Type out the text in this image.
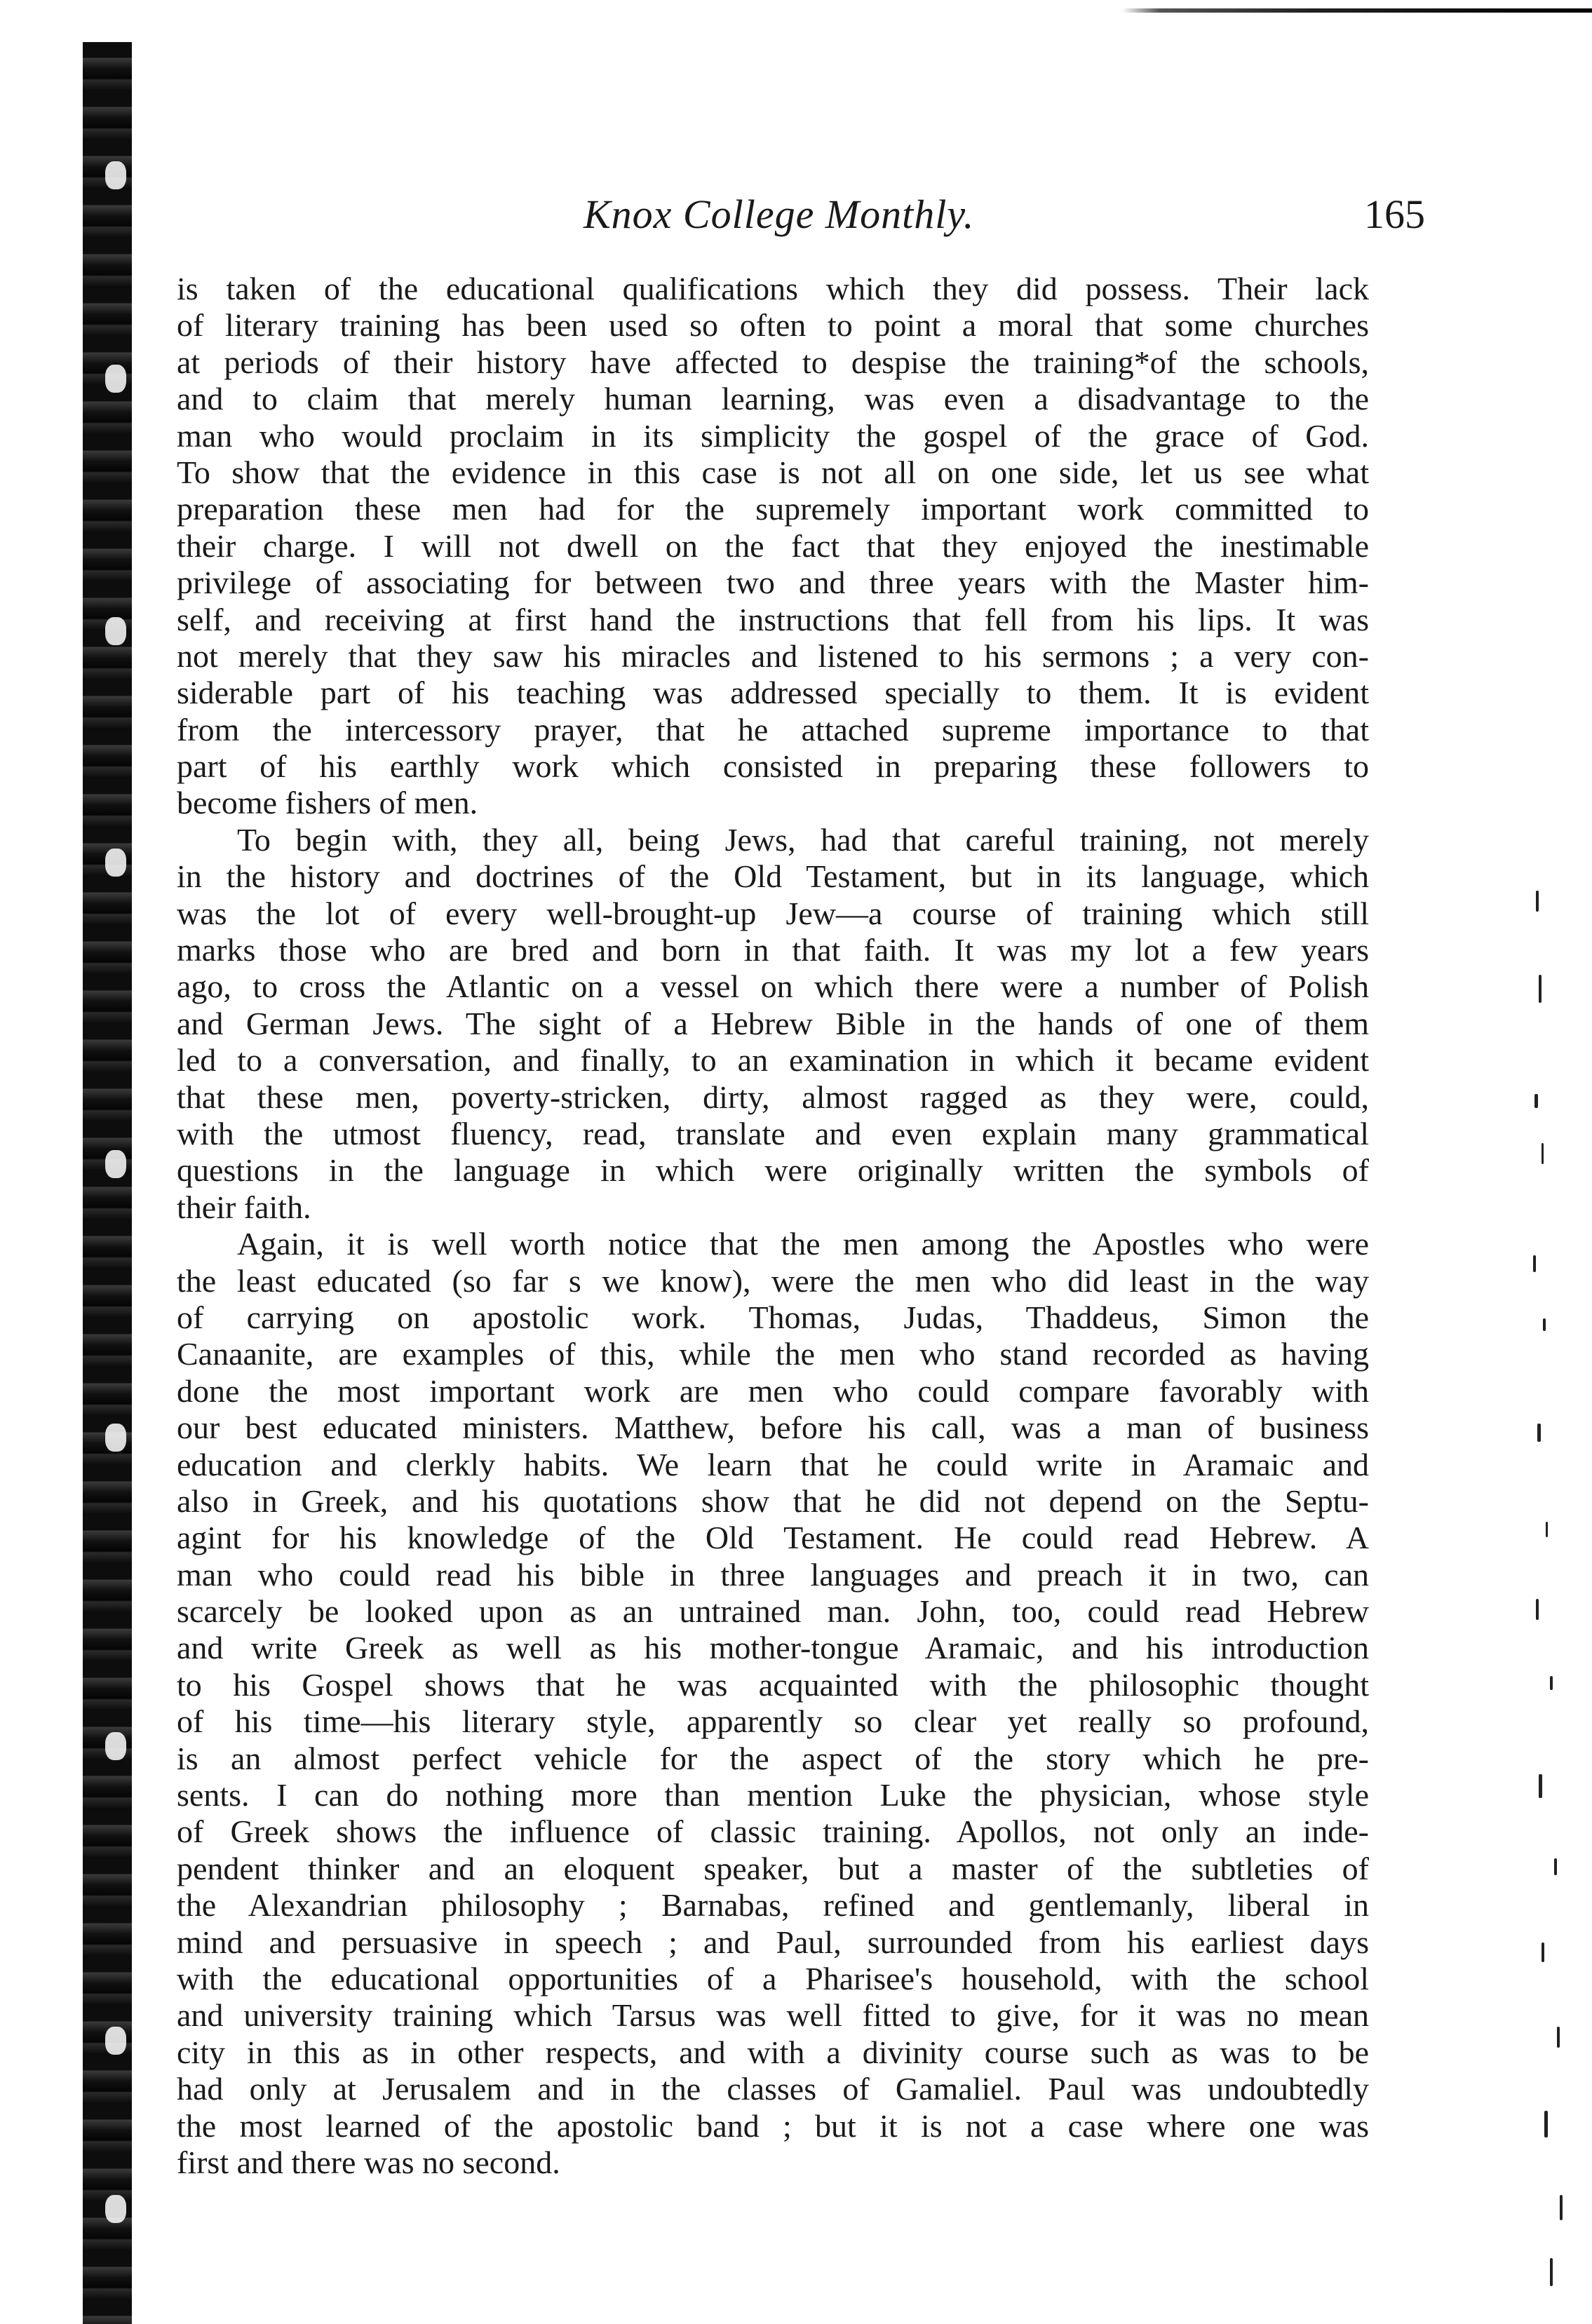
Knox College Monthly.	165
is taken of the educational qualifications which they did possess. Their lack
of literary training has been used so often to point a moral that some churches
at periods of their history have affected to despise the training*of the schools,
and to claim that merely human learning, was even a disadvantage to the
man who would proclaim in its simplicity the gospel of the grace of God.
To show that the evidence in this case is not all on one side, let us see what
preparation these men had for the supremely important work committed to
their charge. I will not dwell on the fact that they enjoyed the inestimable
privilege of associating for between two and three years with the Master him-
self, and receiving at first hand the instructions that fell from his lips. It was
not merely that they saw his miracles and listened to his sermons ; a very con-
siderable part of his teaching was addressed specially to them. It is evident
from the intercessory prayer, that he attached supreme importance to that
part of his earthly work which consisted in preparing these followers to
become fishers of men.
To begin with, they all, being Jews, had that careful training, not merely
in the history and doctrines of the Old Testament, but in its language, which
was the lot of every well-brought-up Jew—a course of training which still
marks those who are bred and born in that faith. It was my lot a few years
ago, to cross the Atlantic on a vessel on which there were a number of Polish
and German Jews. The sight of a Hebrew Bible in the hands of one of them
led to a conversation, and finally, to an examination in which it became evident
that these men, poverty-stricken, dirty, almost ragged as they were, could,
with the utmost fluency, read, translate and even explain many grammatical
questions in the language in which were originally written the symbols of
their faith.
Again, it is well worth notice that the men among the Apostles who were
the least educated (so far s we know), were the men who did least in the way
of carrying on apostolic work. Thomas, Judas, Thaddeus, Simon the
Canaanite, are examples of this, while the men who stand recorded as having
done the most important work are men who could compare favorably with
our best educated ministers. Matthew, before his call, was a man of business
education and clerkly habits. We learn that he could write in Aramaic and
also in Greek, and his quotations show that he did not depend on the Septu-
agint for his knowledge of the Old Testament. He could read Hebrew. A
man who could read his bible in three languages and preach it in two, can
scarcely be looked upon as an untrained man. John, too, could read Hebrew
and write Greek as well as his mother-tongue Aramaic, and his introduction
to his Gospel shows that he was acquainted with the philosophic thought
of his time—his literary style, apparently so clear yet really so profound,
is an almost perfect vehicle for the aspect of the story which he pre-
sents. I can do nothing more than mention Luke the physician, whose style
of Greek shows the influence of classic training. Apollos, not only an inde-
pendent thinker and an eloquent speaker, but a master of the subtleties of
the Alexandrian philosophy ; Barnabas, refined and gentlemanly, liberal in
mind and persuasive in speech ; and Paul, surrounded from his earliest days
with the educational opportunities of a Pharisee's household, with the school
and university training which Tarsus was well fitted to give, for it was no mean
city in this as in other respects, and with a divinity course such as was to be
had only at Jerusalem and in the classes of Gamaliel. Paul was undoubtedly
the most learned of the apostolic band ; but it is not a case where one was
first and there was no second.
